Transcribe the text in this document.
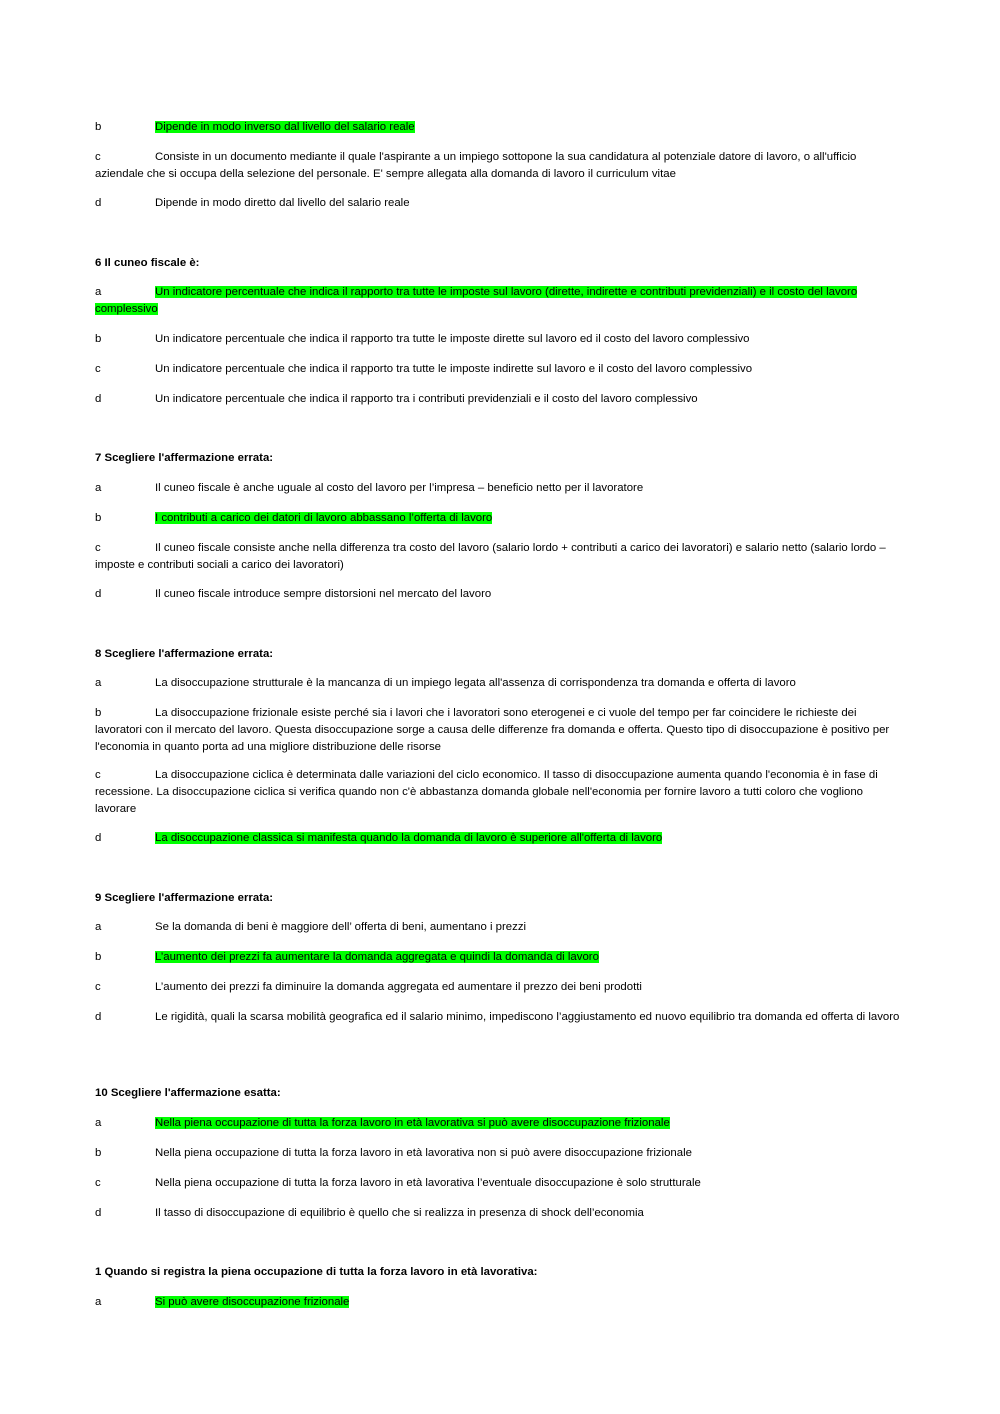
b	Dipende in modo inverso dal livello del salario reale

c	Consiste in un documento mediante il quale l'aspirante a un impiego sottopone la sua candidatura al potenziale datore di lavoro, o all'ufficio aziendale che si occupa della selezione del personale. E' sempre allegata alla domanda di lavoro il curriculum vitae

d	Dipende in modo diretto dal livello del salario reale

6 Il cuneo fiscale è:

a	Un indicatore percentuale che indica il rapporto tra tutte le imposte sul lavoro (dirette, indirette e contributi previdenziali) e il costo del lavoro complessivo

b	Un indicatore percentuale che indica il rapporto tra tutte le imposte dirette sul lavoro ed il costo del lavoro complessivo

c	Un indicatore percentuale che indica il rapporto tra tutte le imposte indirette sul lavoro e il costo del lavoro complessivo

d	Un indicatore percentuale che indica il rapporto tra i contributi previdenziali e il costo del lavoro complessivo

7 Scegliere l'affermazione errata:

a	Il cuneo fiscale è anche uguale al costo del lavoro per l’impresa – beneficio netto per il lavoratore

b	I contributi a carico dei datori di lavoro abbassano l’offerta di lavoro

c	Il cuneo fiscale consiste anche nella differenza tra costo del lavoro (salario lordo + contributi a carico dei lavoratori) e salario netto (salario lordo – imposte e contributi sociali a carico dei lavoratori)

d	Il cuneo fiscale introduce sempre distorsioni nel mercato del lavoro

8 Scegliere l'affermazione errata:

a	La disoccupazione strutturale è la mancanza di un impiego legata all'assenza di corrispondenza tra domanda e offerta di lavoro

b	La disoccupazione frizionale esiste perché sia i lavori che i lavoratori sono eterogenei e ci vuole del tempo per far coincidere le richieste dei lavoratori con il mercato del lavoro. Questa disoccupazione sorge a causa delle differenze fra domanda e offerta. Questo tipo di disoccupazione è positivo per l'economia in quanto porta ad una migliore distribuzione delle risorse

c	La disoccupazione ciclica è determinata dalle variazioni del ciclo economico. Il tasso di disoccupazione aumenta quando l'economia è in fase di recessione. La disoccupazione ciclica si verifica quando non c'è abbastanza domanda globale nell'economia per fornire lavoro a tutti coloro che vogliono lavorare

d	La disoccupazione classica si manifesta quando la domanda di lavoro è superiore all'offerta di lavoro

9 Scegliere l'affermazione errata:

a	Se la domanda di beni è maggiore dell’ offerta di beni, aumentano i prezzi

b	L’aumento dei prezzi fa aumentare la domanda aggregata e quindi la domanda di lavoro

c	L’aumento dei prezzi fa diminuire la domanda aggregata ed aumentare il prezzo dei beni prodotti

d	Le rigidità, quali la scarsa mobilità geografica ed il salario minimo, impediscono l’aggiustamento ed nuovo equilibrio tra domanda ed offerta di lavoro

10 Scegliere l'affermazione esatta:

a	Nella piena occupazione di tutta la forza lavoro in età lavorativa si può avere disoccupazione frizionale

b	Nella piena occupazione di tutta la forza lavoro in età lavorativa non si può avere disoccupazione frizionale

c	Nella piena occupazione di tutta la forza lavoro in età lavorativa l’eventuale disoccupazione è solo strutturale

d	Il tasso di disoccupazione di equilibrio è quello che si realizza in presenza di shock dell’economia

1 Quando si registra la piena occupazione di tutta la forza lavoro in età lavorativa:

a	Si può avere disoccupazione frizionale
